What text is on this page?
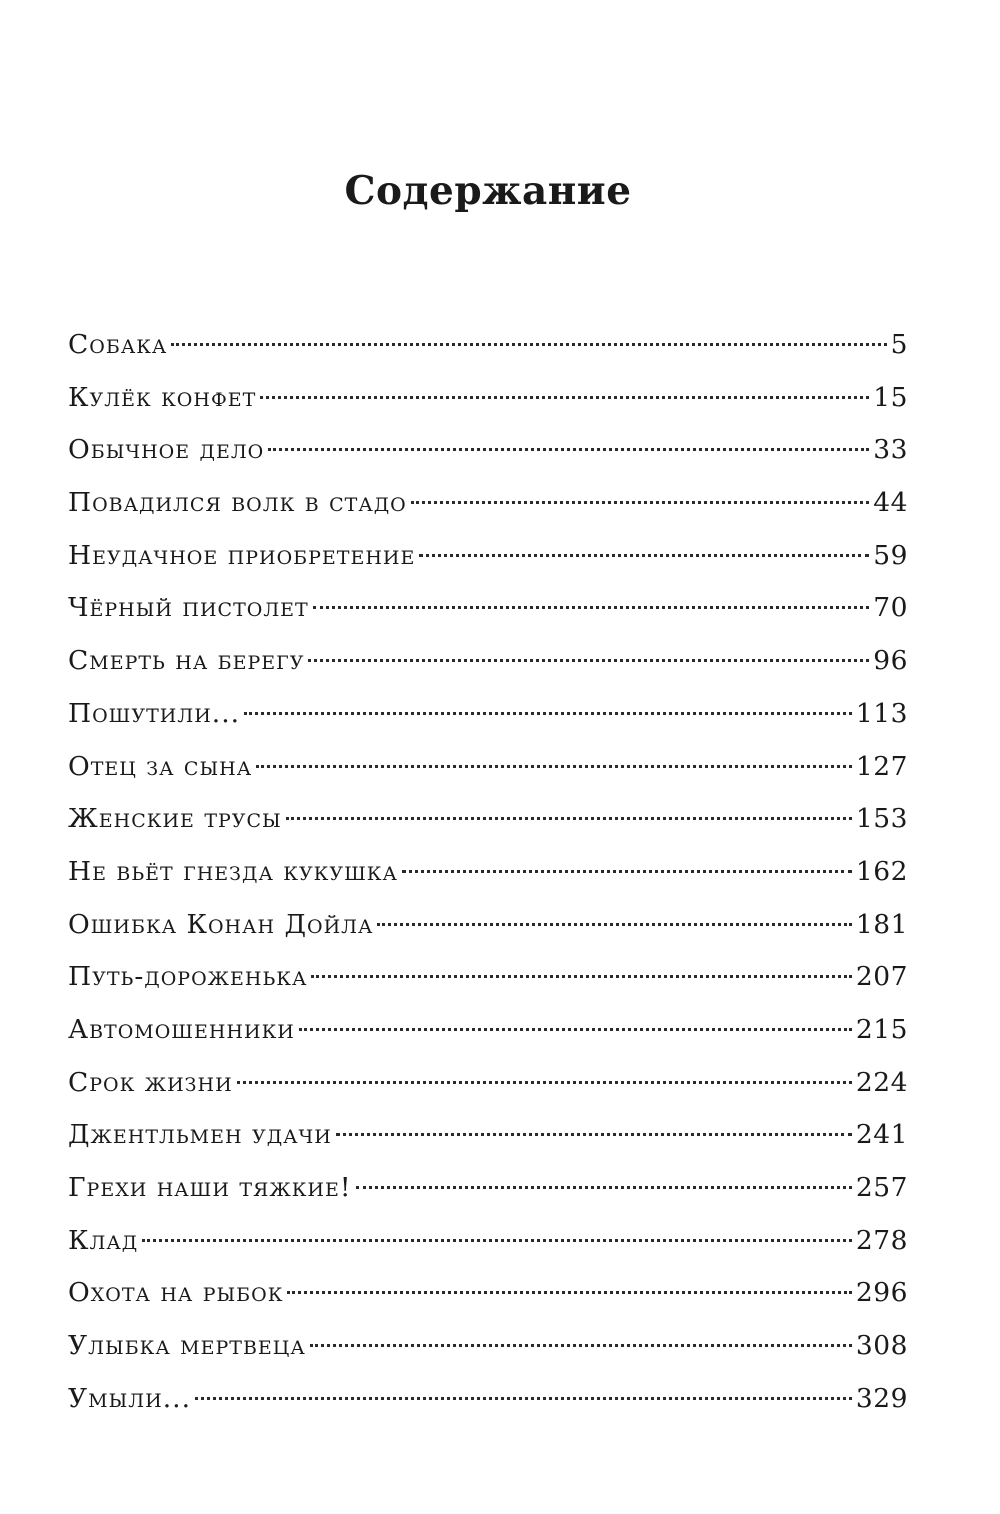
Содержание
Собака	5
Кулёк конфет	15
Обычное дело	33
Повадился волк в стадо	44
Неудачное приобретение	59
Чёрный пистолет	70
Смерть на берегу	96
Пошутили...	113
Отец за сына	127
Женские трусы	153
Не вьёт гнезда кукушка	162
Ошибка Конан Дойла	181
Путь-дороженька	207
Автомошенники	215
Срок жизни	224
Джентльмен удачи	241
Грехи наши тяжкие!	257
Клад	278
Охота на рыбок	296
Улыбка мертвеца	308
Умыли...	329
